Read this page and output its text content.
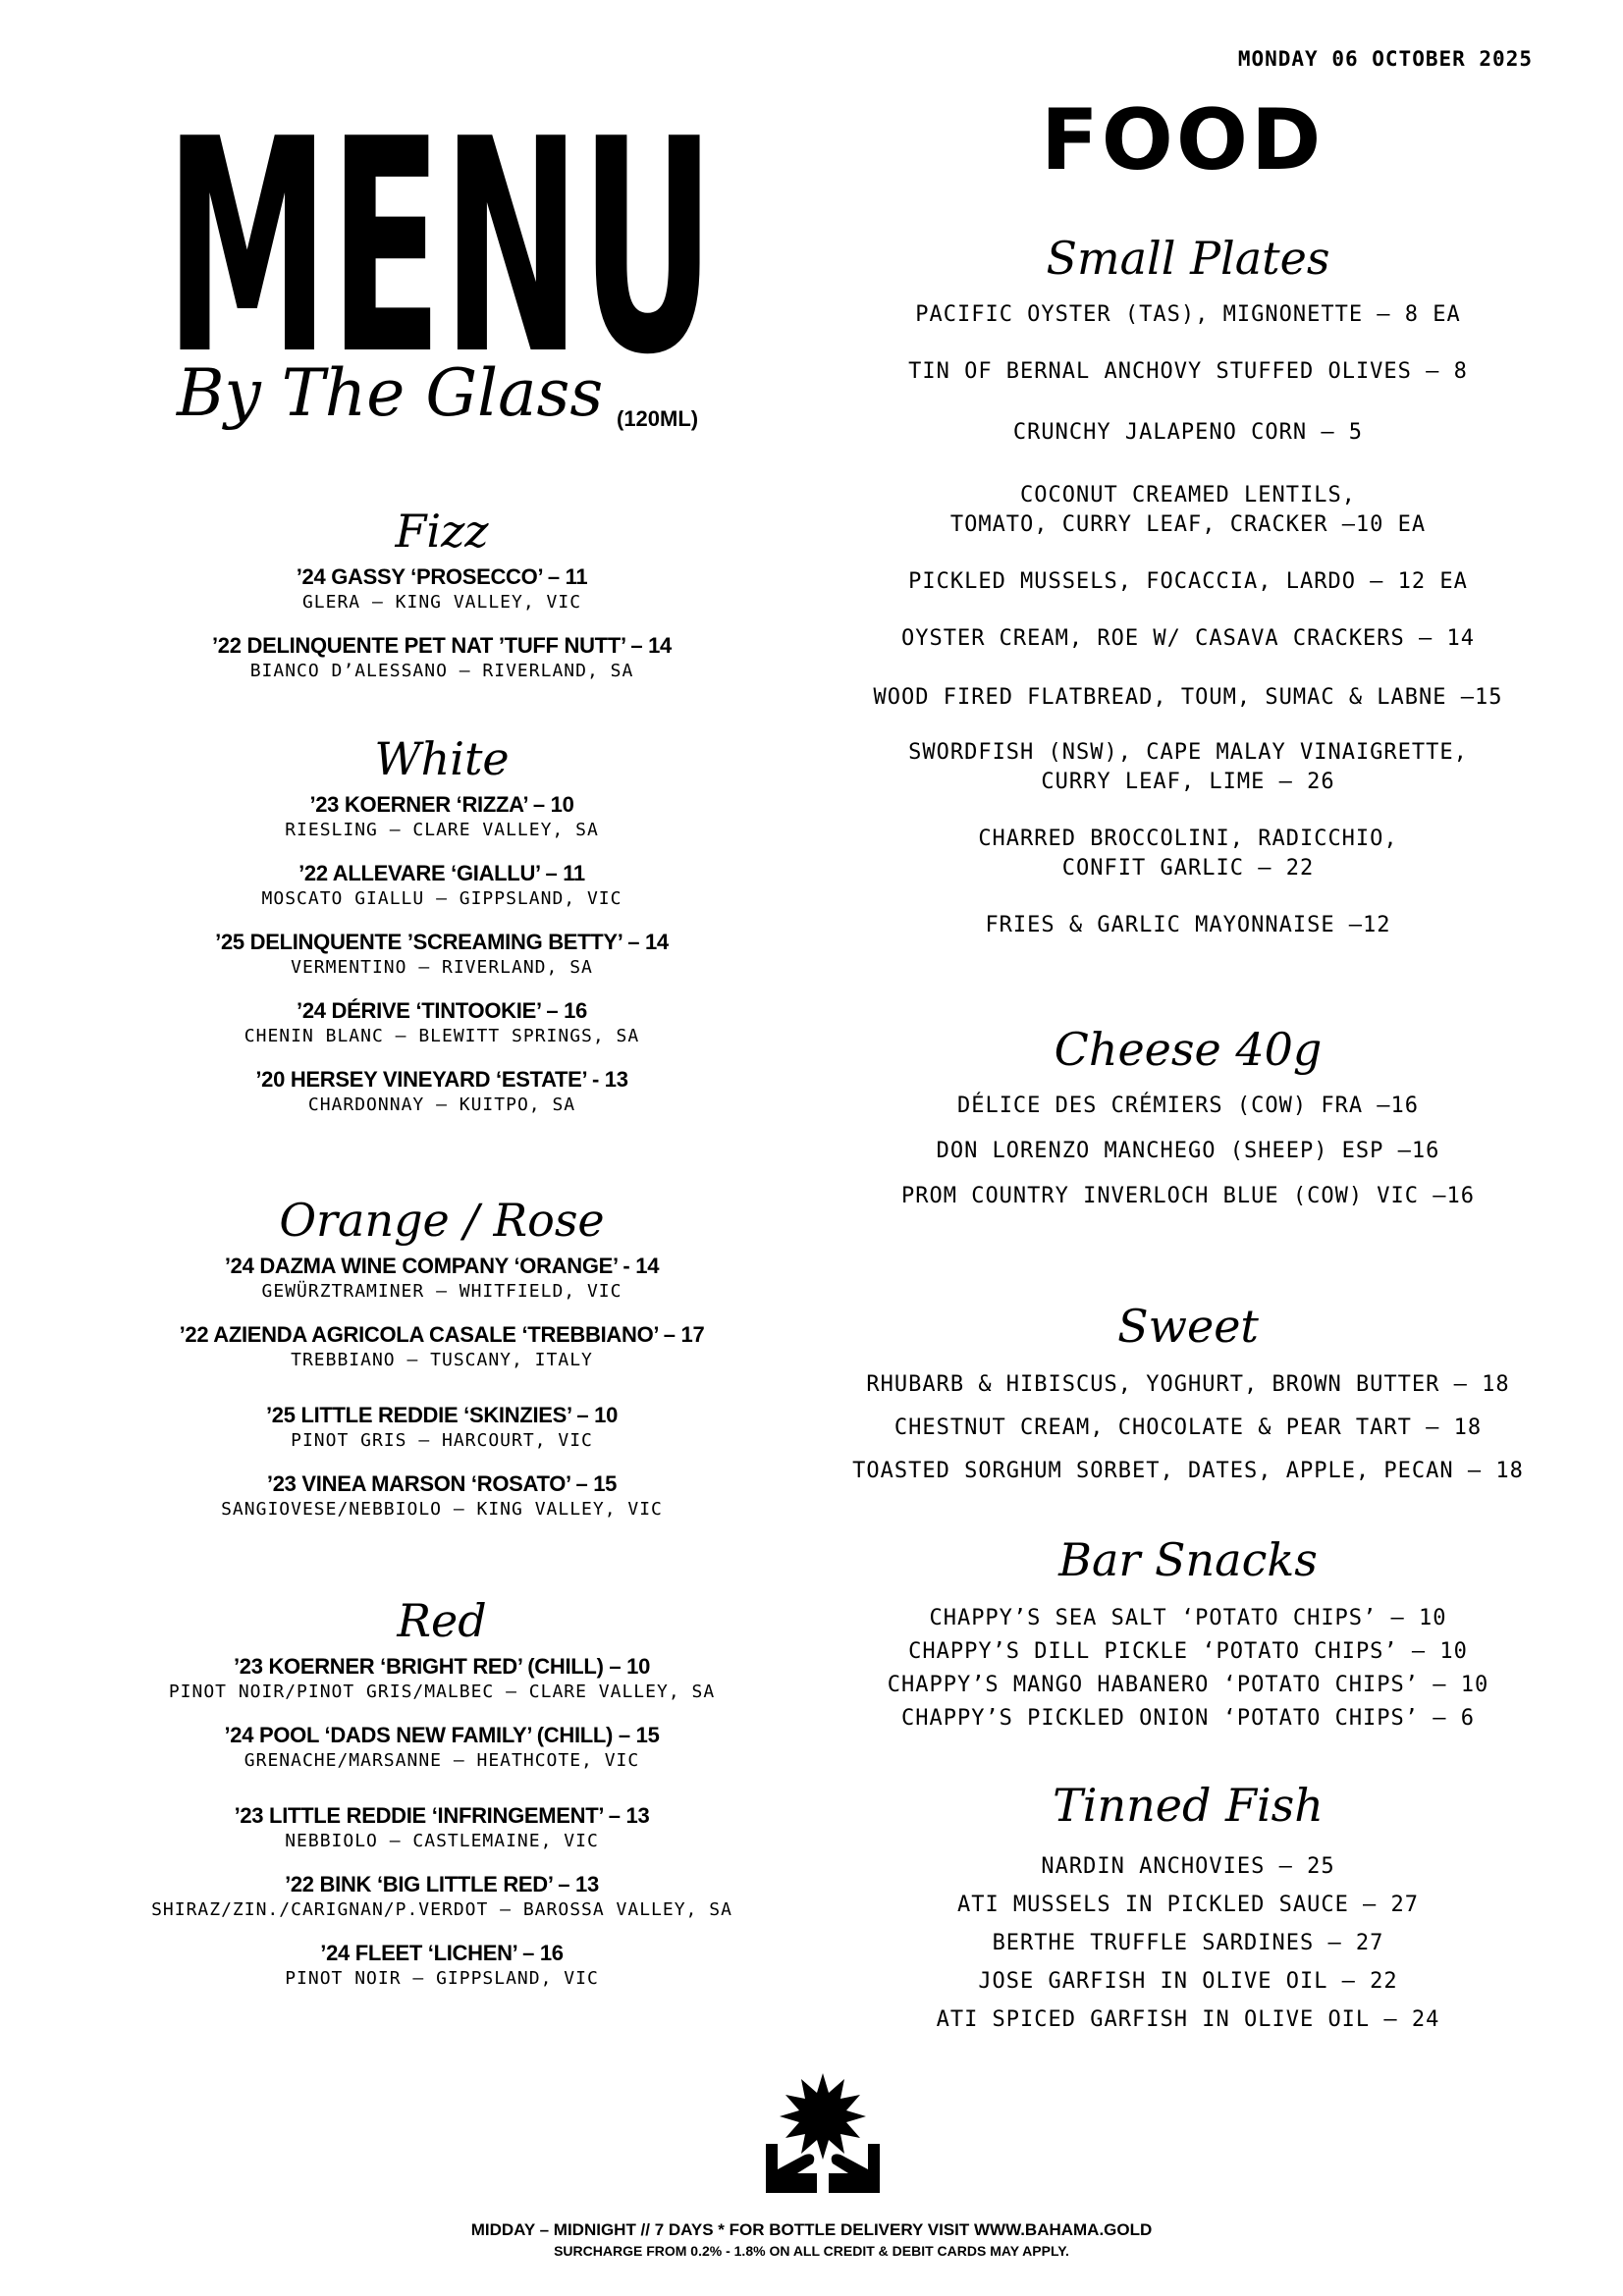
MONDAY 06 OCTOBER 2025
MENU
By The Glass (120ML)
Fizz
’24 GASSY ‘PROSECCO’ – 11
GLERA – KING VALLEY, VIC
’22 DELINQUENTE PET NAT ’TUFF NUTT’ – 14
BIANCO D’ALESSANO – RIVERLAND, SA
White
’23 KOERNER ‘RIZZA’ – 10
RIESLING – CLARE VALLEY, SA
’22 ALLEVARE ‘GIALLU’ – 11
MOSCATO GIALLU – GIPPSLAND, VIC
’25 DELINQUENTE ’SCREAMING BETTY’ – 14
VERMENTINO – RIVERLAND, SA
’24 DÉRIVE ‘TINTOOKIE’ – 16
CHENIN BLANC – BLEWITT SPRINGS, SA
’20 HERSEY VINEYARD ‘ESTATE’ - 13
CHARDONNAY – KUITPO, SA
Orange / Rose
’24 DAZMA WINE COMPANY ‘ORANGE’ - 14
GEWÜRZTRAMINER – WHITFIELD, VIC
’22 AZIENDA AGRICOLA CASALE ‘TREBBIANO’ – 17
TREBBIANO – TUSCANY, ITALY
’25 LITTLE REDDIE ‘SKINZIES’ – 10
PINOT GRIS – HARCOURT, VIC
’23 VINEA MARSON ‘ROSATO’ – 15
SANGIOVESE/NEBBIOLO – KING VALLEY, VIC
Red
’23 KOERNER ‘BRIGHT RED’ (CHILL) – 10
PINOT NOIR/PINOT GRIS/MALBEC – CLARE VALLEY, SA
’24 POOL ‘DADS NEW FAMILY’ (CHILL) – 15
GRENACHE/MARSANNE – HEATHCOTE, VIC
’23 LITTLE REDDIE ‘INFRINGEMENT’ – 13
NEBBIOLO – CASTLEMAINE, VIC
’22 BINK ‘BIG LITTLE RED’ – 13
SHIRAZ/ZIN./CARIGNAN/P.VERDOT – BAROSSA VALLEY, SA
’24 FLEET ‘LICHEN’ – 16
PINOT NOIR – GIPPSLAND, VIC
FOOD
Small Plates
PACIFIC OYSTER (TAS), MIGNONETTE – 8 EA
TIN OF BERNAL ANCHOVY STUFFED OLIVES – 8
CRUNCHY JALAPENO CORN – 5
COCONUT CREAMED LENTILS,
TOMATO, CURRY LEAF, CRACKER –10 EA
PICKLED MUSSELS, FOCACCIA, LARDO – 12 EA
OYSTER CREAM, ROE W/ CASAVA CRACKERS – 14
WOOD FIRED FLATBREAD, TOUM, SUMAC & LABNE –15
SWORDFISH (NSW), CAPE MALAY VINAIGRETTE,
CURRY LEAF, LIME – 26
CHARRED BROCCOLINI, RADICCHIO,
CONFIT GARLIC – 22
FRIES & GARLIC MAYONNAISE –12
Cheese 40g
DÉLICE DES CRÉMIERS (COW) FRA –16
DON LORENZO MANCHEGO (SHEEP) ESP –16
PROM COUNTRY INVERLOCH BLUE (COW) VIC –16
Sweet
RHUBARB & HIBISCUS, YOGHURT, BROWN BUTTER – 18
CHESTNUT CREAM, CHOCOLATE & PEAR TART – 18
TOASTED SORGHUM SORBET, DATES, APPLE, PECAN – 18
Bar Snacks
CHAPPY’S SEA SALT ‘POTATO CHIPS’ – 10
CHAPPY’S DILL PICKLE ‘POTATO CHIPS’ – 10
CHAPPY’S MANGO HABANERO ‘POTATO CHIPS’ – 10
CHAPPY’S PICKLED ONION ‘POTATO CHIPS’ – 6
Tinned Fish
NARDIN ANCHOVIES – 25
ATI MUSSELS IN PICKLED SAUCE – 27
BERTHE TRUFFLE SARDINES – 27
JOSE GARFISH IN OLIVE OIL – 22
ATI SPICED GARFISH IN OLIVE OIL – 24
MIDDAY – MIDNIGHT // 7 DAYS * FOR BOTTLE DELIVERY VISIT WWW.BAHAMA.GOLD
SURCHARGE FROM 0.2% - 1.8% ON ALL CREDIT & DEBIT CARDS MAY APPLY.
